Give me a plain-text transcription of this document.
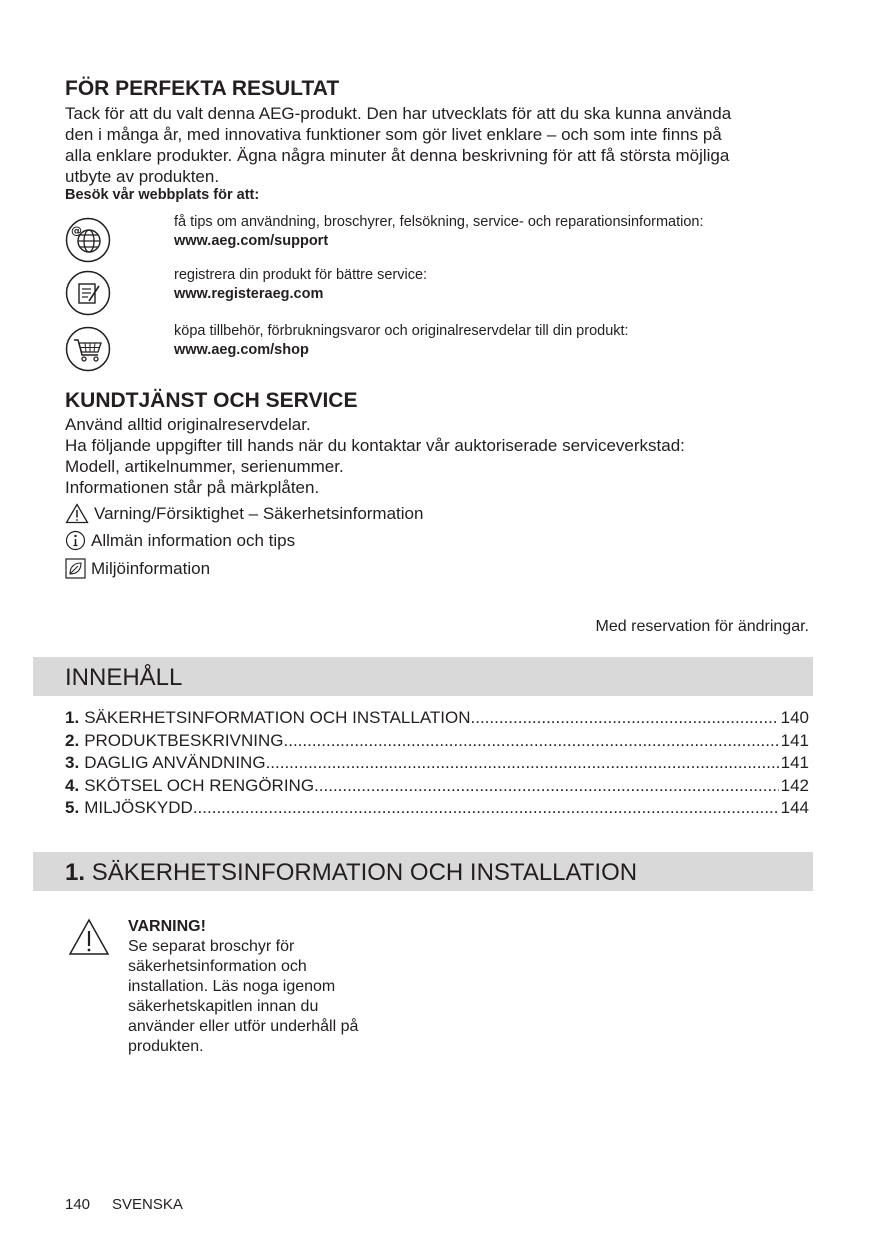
FÖR PERFEKTA RESULTAT
Tack för att du valt denna AEG-produkt. Den har utvecklats för att du ska kunna använda
den i många år, med innovativa funktioner som gör livet enklare – och som inte finns på
alla enklare produkter. Ägna några minuter åt denna beskrivning för att få största möjliga
utbyte av produkten.
Besök vår webbplats för att:
@
få tips om användning, broschyrer, felsökning, service- och reparationsinformation:
www.aeg.com/support
registrera din produkt för bättre service:
www.registeraeg.com
köpa tillbehör, förbrukningsvaror och originalreservdelar till din produkt:
www.aeg.com/shop
KUNDTJÄNST OCH SERVICE
Använd alltid originalreservdelar.
Ha följande uppgifter till hands när du kontaktar vår auktoriserade serviceverkstad:
Modell, artikelnummer, serienummer.
Informationen står på märkplåten.
Varning/Försiktighet – Säkerhetsinformation
Allmän information och tips
Miljöinformation
Med reservation för ändringar.
INNEHÅLL
1. SÄKERHETSINFORMATION OCH INSTALLATION .....	140
2. PRODUKTBESKRIVNING .....	141
3. DAGLIG ANVÄNDNING .....	141
4. SKÖTSEL OCH RENGÖRING .....	142
5. MILJÖSKYDD .....	144
1. SÄKERHETSINFORMATION OCH INSTALLATION
VARNING!
Se separat broschyr för
säkerhetsinformation och
installation. Läs noga igenom
säkerhetskapitlen innan du
använder eller utför underhåll på
produkten.
140 SVENSKA
